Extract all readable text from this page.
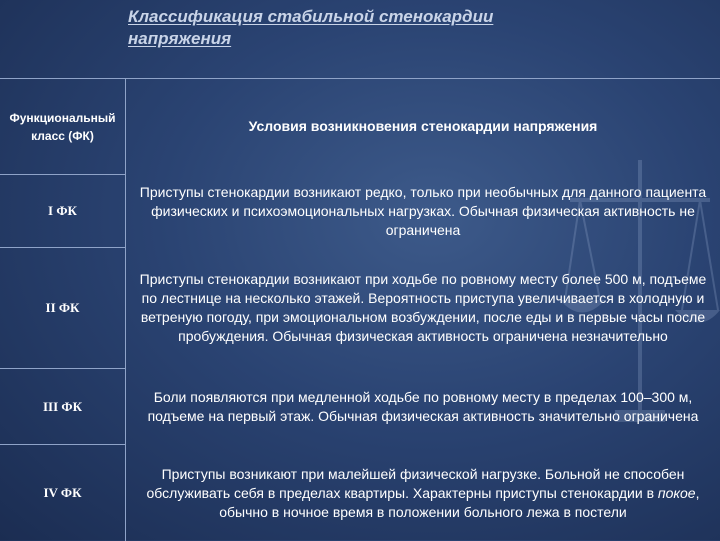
Классификация стабильной стенокардии напряжения
Функциональный класс (ФК)
Условия возникновения стенокардии напряжения
I ФК
Приступы стенокардии возникают редко, только при необычных для данного пациента физических и психоэмоциональных нагрузках. Обычная физическая активность не ограничена
II ФК
Приступы стенокардии возникают при ходьбе по ровному месту более 500 м, подъеме по лестнице на несколько этажей. Вероятность приступа увеличивается в холодную и ветреную погоду, при эмоциональном возбуждении, после еды и в первые часы после пробуждения. Обычная физическая активность ограничена незначительно
III ФК
Боли появляются при медленной ходьбе по ровному месту в пределах 100–300 м, подъеме на первый этаж. Обычная физическая активность значительно ограничена
IV ФК
Приступы возникают при малейшей физической нагрузке. Больной не способен обслуживать себя в пределах квартиры. Характерны приступы стенокардии в покое, обычно в ночное время в положении больного лежа в постели
